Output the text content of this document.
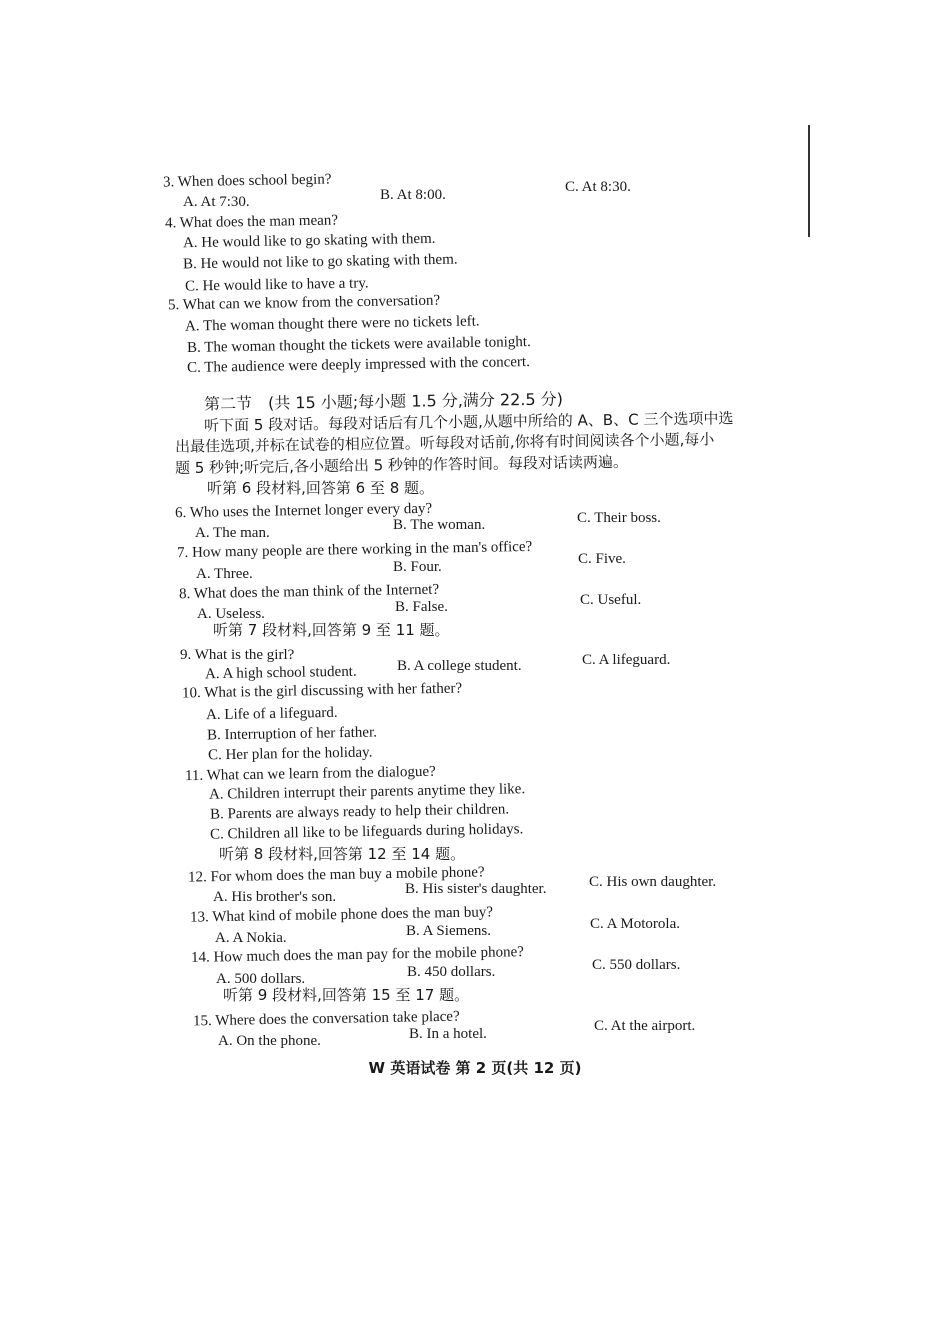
3. When does school begin?
A. At 7:30.	B. At 8:00.	C. At 8:30.
4. What does the man mean?
A. He would like to go skating with them.
B. He would not like to go skating with them.
C. He would like to have a try.
5. What can we know from the conversation?
A. The woman thought there were no tickets left.
B. The woman thought the tickets were available tonight.
C. The audience were deeply impressed with the concert.
第二节　(共 15 小题;每小题 1.5 分,满分 22.5 分)
听下面 5 段对话。每段对话后有几个小题,从题中所给的 A、B、C 三个选项中选
出最佳选项,并标在试卷的相应位置。听每段对话前,你将有时间阅读各个小题,每小
题 5 秒钟;听完后,各小题给出 5 秒钟的作答时间。每段对话读两遍。
听第 6 段材料,回答第 6 至 8 题。
6. Who uses the Internet longer every day?
A. The man.	B. The woman.	C. Their boss.
7. How many people are there working in the man's office?
A. Three.	B. Four.	C. Five.
8. What does the man think of the Internet?
A. Useless.	B. False.	C. Useful.
听第 7 段材料,回答第 9 至 11 题。
9. What is the girl?
A. A high school student.	B. A college student.	C. A lifeguard.
10. What is the girl discussing with her father?
A. Life of a lifeguard.
B. Interruption of her father.
C. Her plan for the holiday.
11. What can we learn from the dialogue?
A. Children interrupt their parents anytime they like.
B. Parents are always ready to help their children.
C. Children all like to be lifeguards during holidays.
听第 8 段材料,回答第 12 至 14 题。
12. For whom does the man buy a mobile phone?
A. His brother's son.	B. His sister's daughter.	C. His own daughter.
13. What kind of mobile phone does the man buy?
A. A Nokia.	B. A Siemens.	C. A Motorola.
14. How much does the man pay for the mobile phone?
A. 500 dollars.	B. 450 dollars.	C. 550 dollars.
听第 9 段材料,回答第 15 至 17 题。
15. Where does the conversation take place?
A. On the phone.	B. In a hotel.	C. At the airport.
W 英语试卷 第 2 页(共 12 页)
